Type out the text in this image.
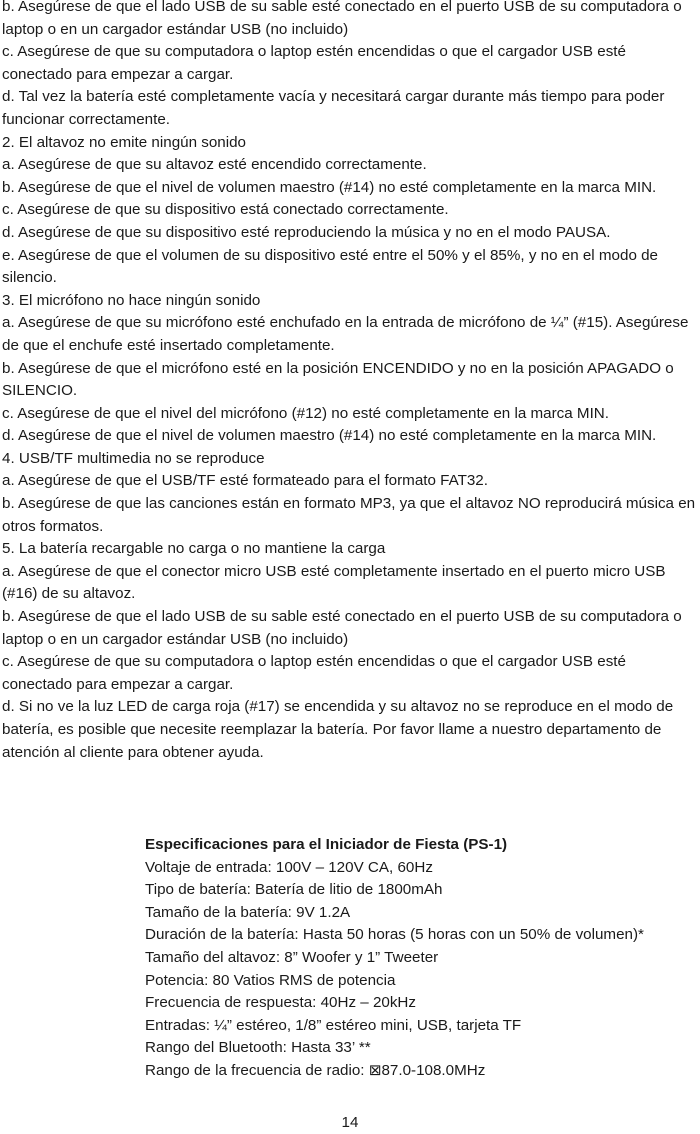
b. Asegúrese de que el lado USB de su sable esté conectado en el puerto USB de su computadora o laptop o en un cargador estándar USB (no incluido)

c. Asegúrese de que su computadora o laptop estén encendidas o que el cargador USB esté conectado para empezar a cargar.

d. Tal vez la batería esté completamente vacía y necesitará cargar durante más tiempo para poder funcionar correctamente.

2. El altavoz no emite ningún sonido

a. Asegúrese de que su altavoz esté encendido correctamente.

b. Asegúrese de que el nivel de volumen maestro (#14) no esté completamente en la marca MIN.

c. Asegúrese de que su dispositivo está conectado correctamente.

d. Asegúrese de que su dispositivo esté reproduciendo la música y no en el modo PAUSA.

e. Asegúrese de que el volumen de su dispositivo esté entre el 50% y el 85%, y no en el modo de silencio.

3. El micrófono no hace ningún sonido

a. Asegúrese de que su micrófono esté enchufado en la entrada de micrófono de ¼” (#15). Asegúrese de que el enchufe esté insertado completamente.

b. Asegúrese de que el micrófono esté en la posición ENCENDIDO y no en la posición APAGADO o SILENCIO.

c. Asegúrese de que el nivel del micrófono (#12) no esté completamente en la marca MIN.

d. Asegúrese de que el nivel de volumen maestro (#14) no esté completamente en la marca MIN.

4. USB/TF multimedia no se reproduce

a. Asegúrese de que el USB/TF esté formateado para el formato FAT32.

b. Asegúrese de que las canciones están en formato MP3, ya que el altavoz NO reproducirá música en otros formatos.

5. La batería recargable no carga o no mantiene la carga

a. Asegúrese de que el conector micro USB esté completamente insertado en el puerto micro USB (#16) de su altavoz.

b. Asegúrese de que el lado USB de su sable esté conectado en el puerto USB de su computadora o laptop o en un cargador estándar USB (no incluido)

c. Asegúrese de que su computadora o laptop estén encendidas o que el cargador USB esté conectado para empezar a cargar.

d. Si no ve la luz LED de carga roja (#17) se encendida y su altavoz no se reproduce en el modo de batería, es posible que necesite reemplazar la batería. Por favor llame a nuestro departamento de atención al cliente para obtener ayuda.

Especificaciones para el Iniciador de Fiesta (PS-1)

Voltaje de entrada: 100V – 120V CA, 60Hz

Tipo de batería: Batería de litio de 1800mAh

Tamaño de la batería: 9V 1.2A

Duración de la batería: Hasta 50 horas (5 horas con un 50% de volumen)*

Tamaño del altavoz: 8” Woofer y 1” Tweeter

Potencia: 80 Vatios RMS de potencia

Frecuencia de respuesta: 40Hz – 20kHz

Entradas: ¼” estéreo, 1/8” estéreo mini, USB, tarjeta TF

Rango del Bluetooth: Hasta 33’ **

Rango de la frecuencia de radio: ⊠87.0-108.0MHz

14
